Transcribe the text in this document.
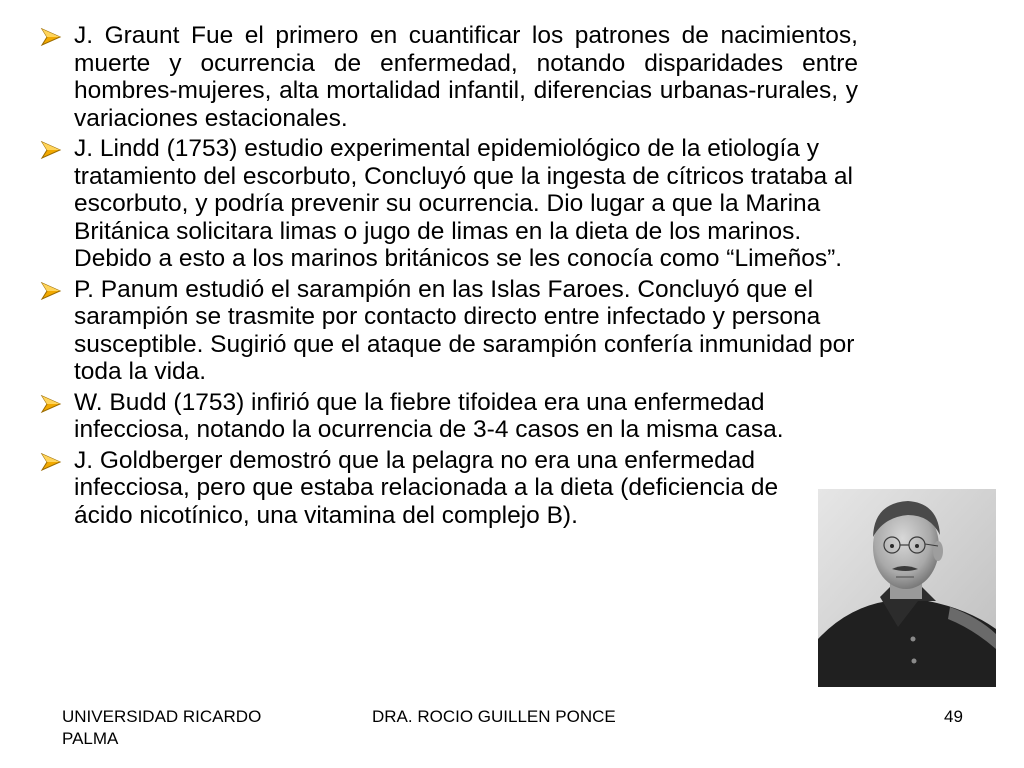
J. Graunt Fue el primero en cuantificar los patrones de nacimientos, muerte y ocurrencia de enfermedad, notando disparidades entre hombres-mujeres, alta mortalidad infantil, diferencias urbanas-rurales, y variaciones estacionales.
J. Lindd (1753) estudio experimental epidemiológico de la etiología y tratamiento del escorbuto, Concluyó que la ingesta de cítricos trataba al escorbuto, y podría prevenir su ocurrencia. Dio lugar a que la Marina Británica solicitara limas o jugo de limas en la dieta de los marinos. Debido a esto a los marinos británicos se les conocía como “Limeños”.
P. Panum estudió el sarampión en las Islas Faroes. Concluyó que el sarampión se trasmite por contacto directo entre infectado y persona susceptible. Sugirió que el ataque de sarampión confería inmunidad por toda la vida.
W. Budd (1753) infirió que la fiebre tifoidea era una enfermedad infecciosa, notando la ocurrencia de 3-4 casos en la misma casa.
J. Goldberger demostró que la pelagra no era una enfermedad infecciosa, pero que estaba relacionada a la dieta (deficiencia de ácido nicotínico, una vitamina del complejo B).
UNIVERSIDAD RICARDO PALMA
DRA. ROCIO GUILLEN PONCE	49
